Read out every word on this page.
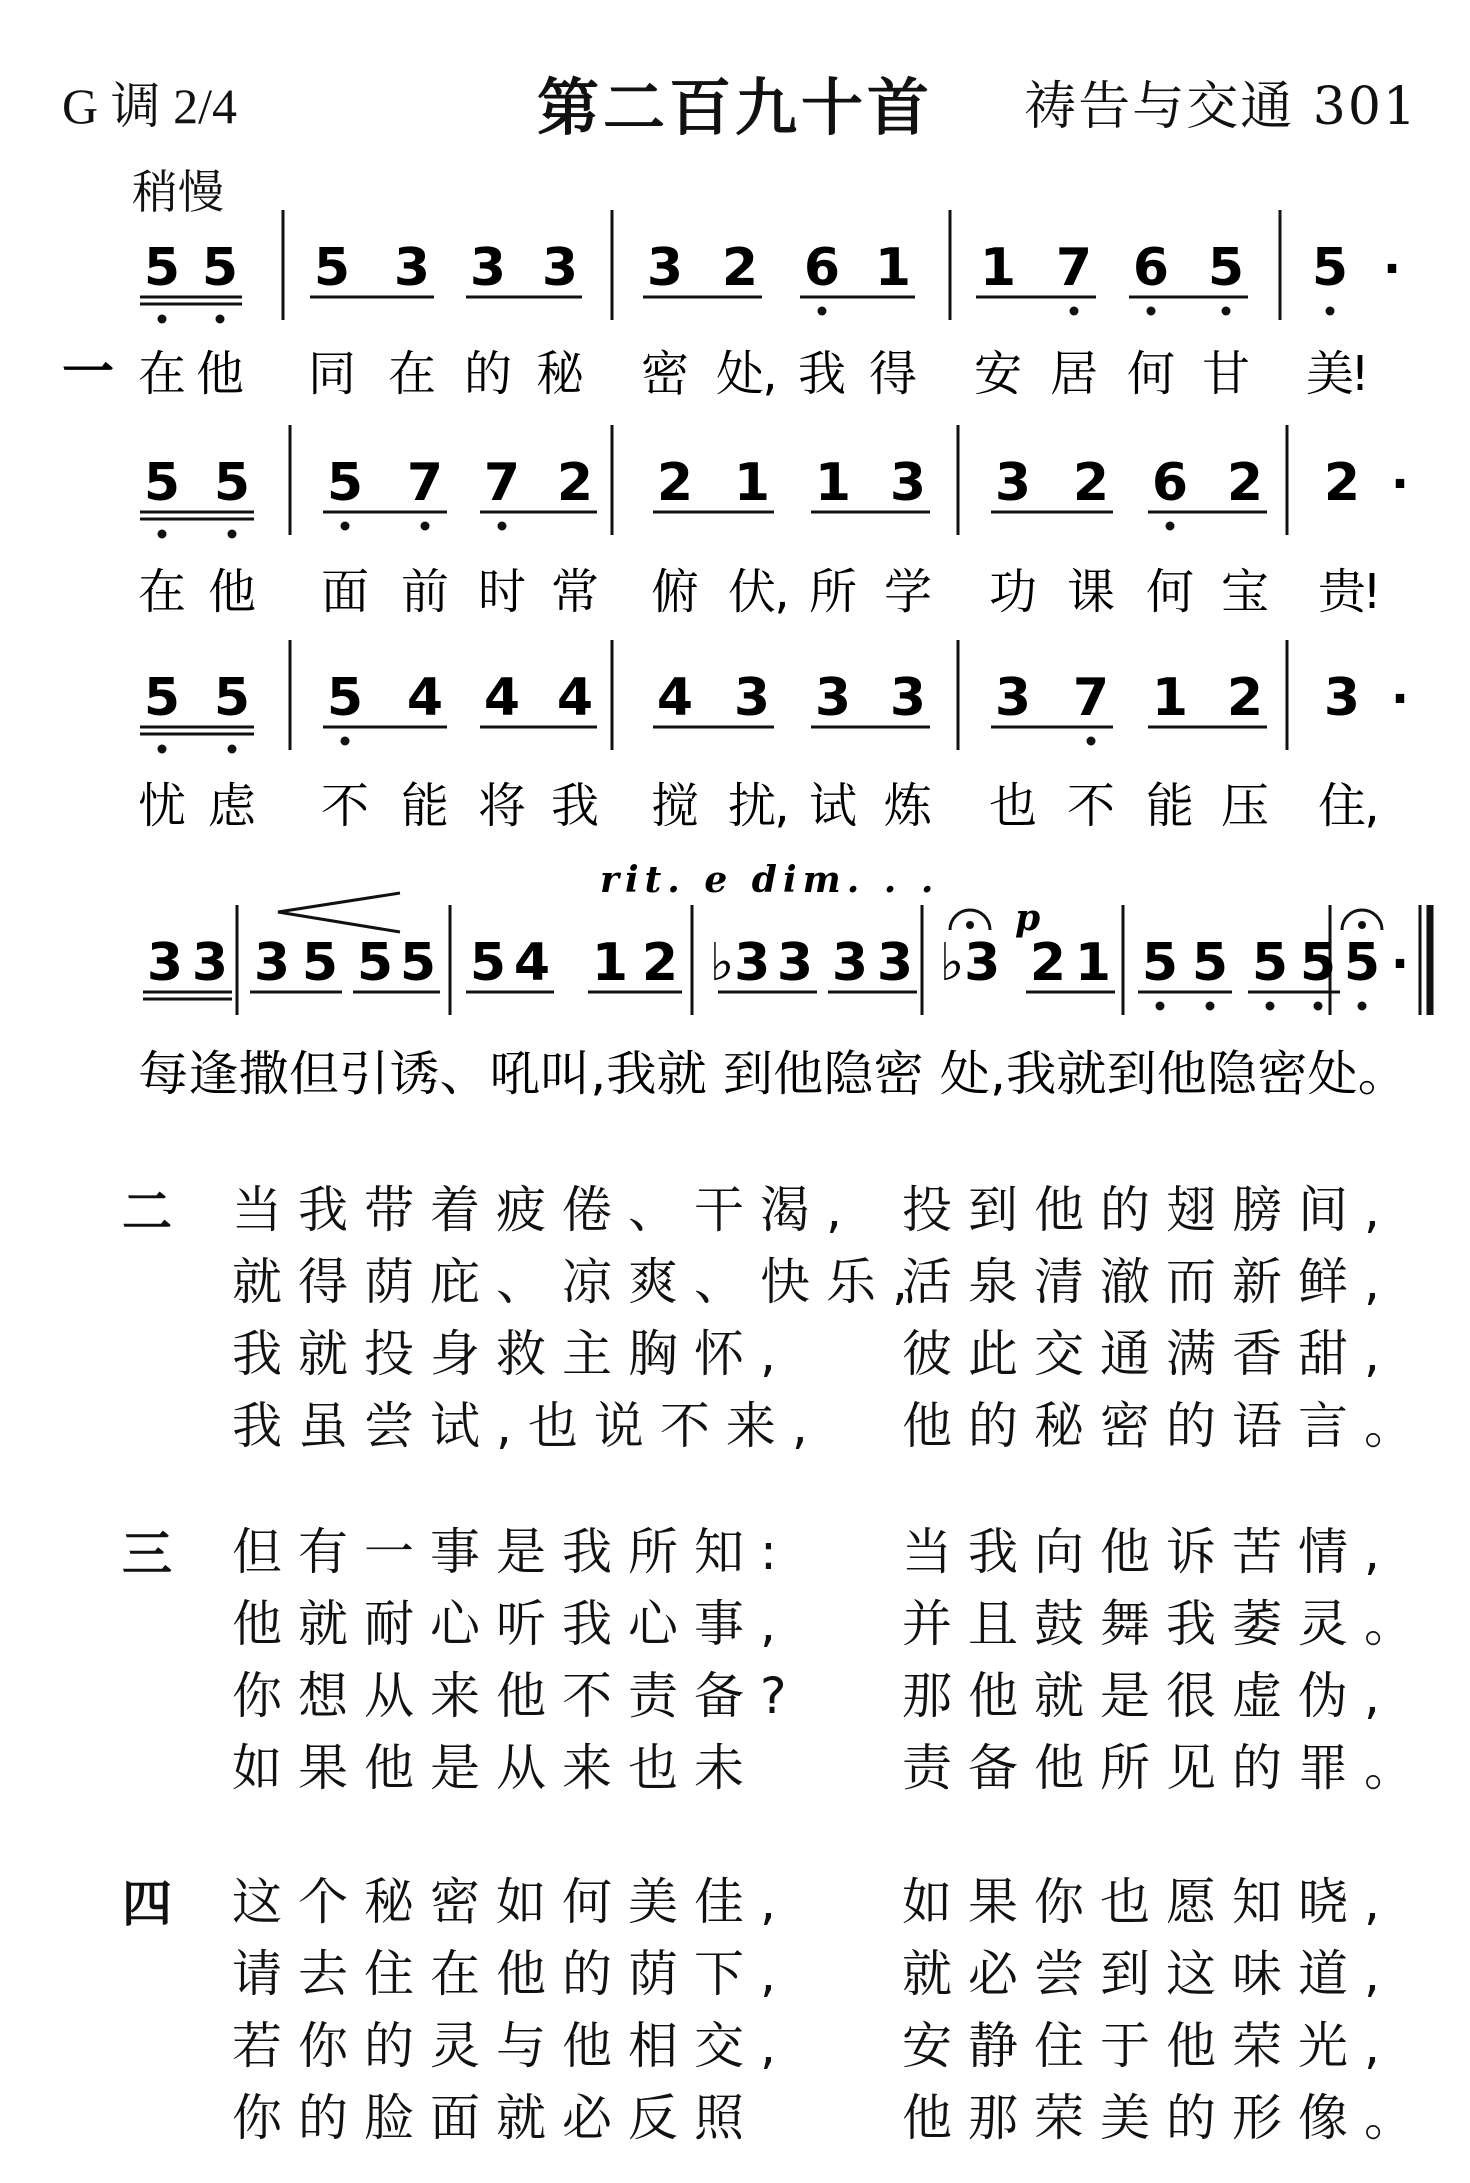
G 调 2/4	第二百九十首	祷告与交通 301
稍慢
一
5 5 5 3 3 3 3 2 6 1 1 7 6 5 5 ·
在 他 同 在 的 秘 密 处
, 我 得 安 居 何 甘 美
!
5 5 5 7 7 2 2 1 1 3 3 2 6 2 2 ·
在 他 面 前 时 常 俯 伏
, 所 学 功 课 何 宝 贵
!
5 5 5 4 4 4 4 3 3 3 3 7 1 2 3 ·
忧 虑 不 能 将 我 搅 扰
, 试 炼 也 不 能 压 住
,
3 3 3 5 5 5 5 4 1 2 ♭3 3 3 3 ♭3 2 1 5 5 5 5 5 ·
每逢撒但引诱、吼叫,我就 到他隐密 处,我就到他隐密处。
rit. e dim. . .
p
二 当我带着疲倦、干渴, 投到他的翅膀间,
就得荫庇、凉爽、快乐,
活泉清澈而新鲜,
我就投身救主胸怀, 彼此交通满香甜,
我虽尝试,也说不来, 他的秘密的语言。
三 但有一事是我所知: 当我向他诉苦情,
他就耐心听我心事, 并且鼓舞我萎灵。
你想从来他不责备? 那他就是很虚伪,
如果他是从来也未	责备他所见的罪。
四 这个秘密如何美佳, 如果你也愿知晓,
请去住在他的荫下, 就必尝到这味道,
若你的灵与他相交, 安静住于他荣光,
你的脸面就必反照	他那荣美的形像。
